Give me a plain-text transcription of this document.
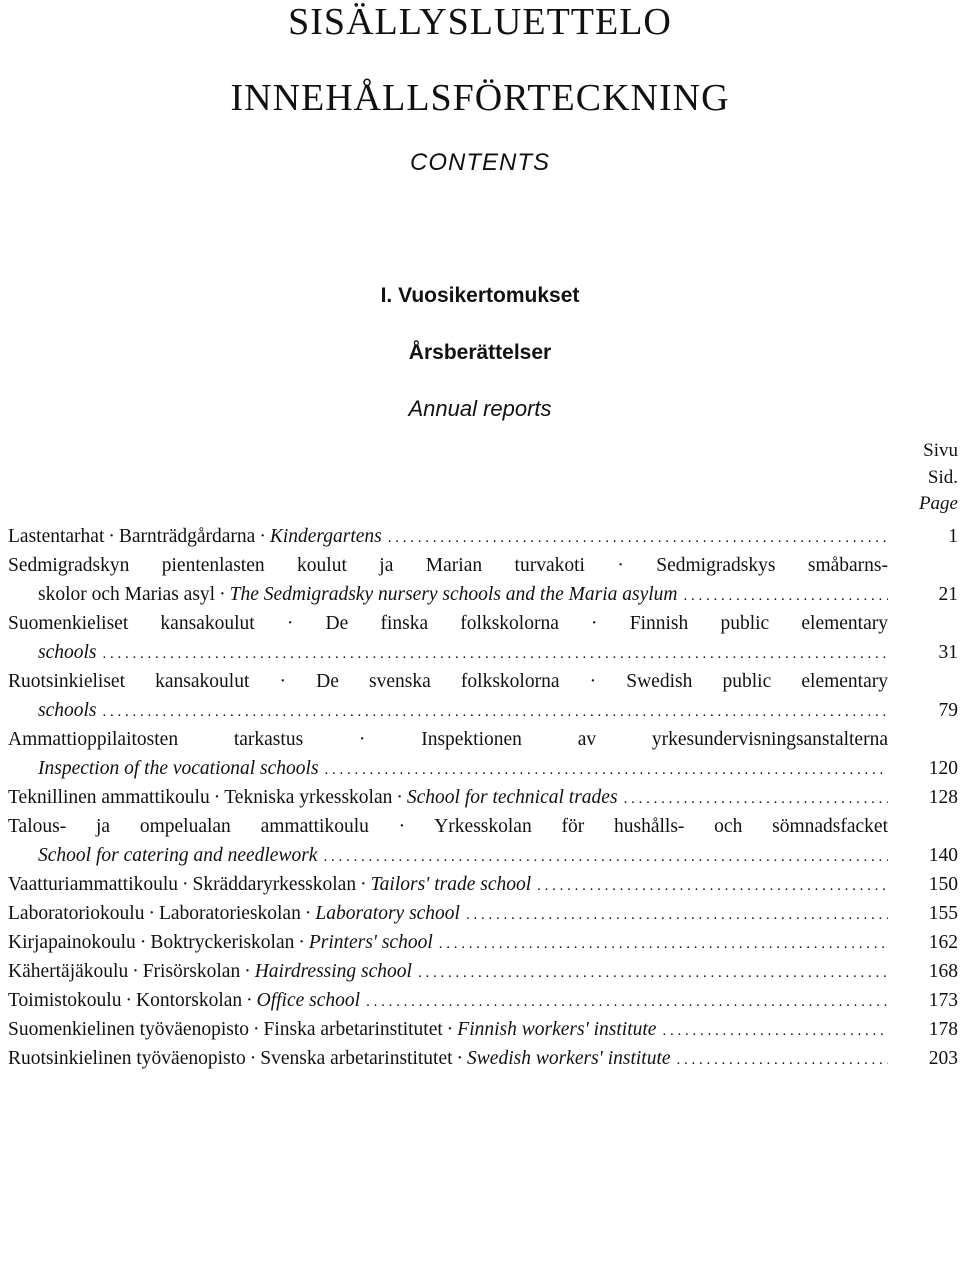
SISÄLLYSLUETTELO
INNEHÅLLSFÖRTECKNING
CONTENTS
I. Vuosikertomukset
Årsberättelser
Annual reports
Sivu
Sid.
Page
Lastentarhat · Barnträdgårdarna · Kindergartens . . .	1
Sedmigradskyn pientenlasten koulut ja Marian turvakoti · Sedmigradskys småbarns-
skolor och Marias asyl · The Sedmigradsky nursery schools and the Maria asylum . . .	21
Suomenkieliset kansakoulut · De finska folkskolorna · Finnish public elementary
schools . . .	31
Ruotsinkieliset kansakoulut · De svenska folkskolorna · Swedish public elementary
schools . . .	79
Ammattioppilaitosten tarkastus · Inspektionen av yrkesundervisningsanstalterna
Inspection of the vocational schools . . .	120
Teknillinen ammattikoulu · Tekniska yrkesskolan · School for technical trades . . .	128
Talous- ja ompelualan ammattikoulu · Yrkesskolan för hushålls- och sömnadsfacket
School for catering and needlework . . .	140
Vaatturiammattikoulu · Skräddaryrkesskolan · Tailors' trade school . . .	150
Laboratoriokoulu · Laboratorieskolan · Laboratory school . . .	155
Kirjapainokoulu · Boktryckeriskolan · Printers' school . . .	162
Kähertäjäkoulu · Frisörskolan · Hairdressing school . . .	168
Toimistokoulu · Kontorskolan · Office school . . .	173
Suomenkielinen työväenopisto · Finska arbetarinstitutet · Finnish workers' institute . . .	178
Ruotsinkielinen työväenopisto · Svenska arbetarinstitutet · Swedish workers' institute . . .	203
